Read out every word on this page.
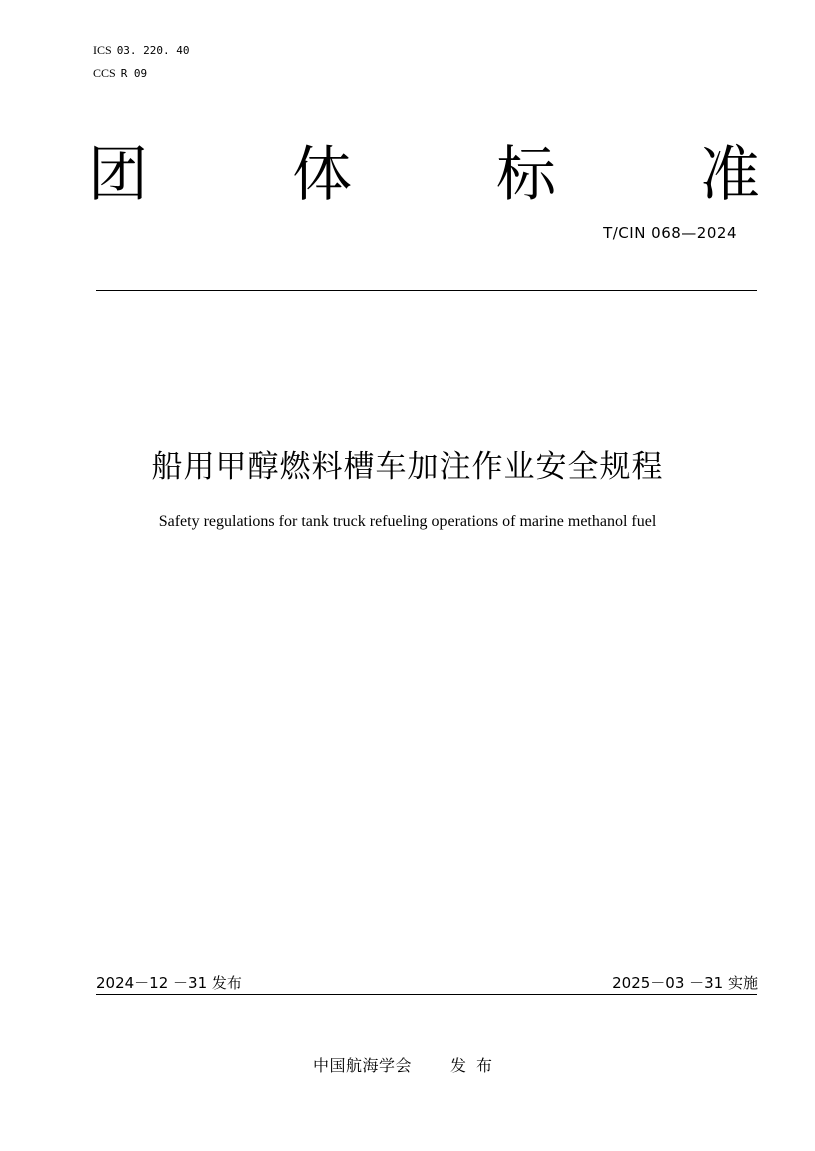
ICS 03. 220. 40
CCS R 09
团 体 标 准
T/CIN 068—2024
船用甲醇燃料槽车加注作业安全规程
Safety regulations for tank truck refueling operations of marine methanol fuel
2024－12 －31 发布	2025－03 －31 实施
中国航海学会 发布
